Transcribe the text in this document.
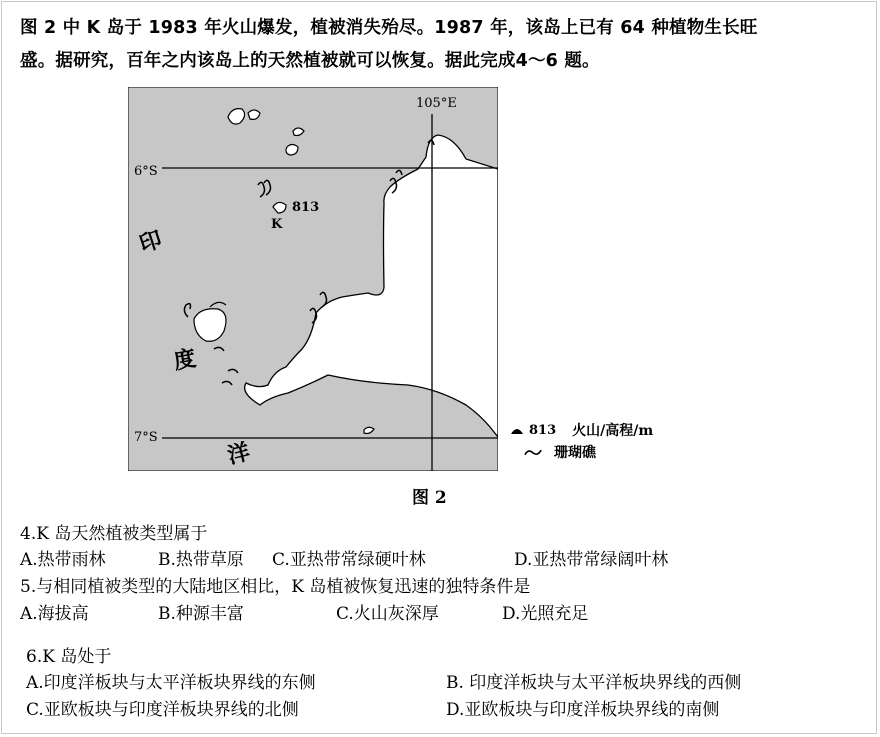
图 2 中 K 岛于 1983 年火山爆发，植被消失殆尽。1987 年，该岛上已有 64 种植物生长旺
盛。据研究，百年之内该岛上的天然植被就可以恢复。据此完成4～6 题。
105°E
6°S
7°S
813
K
印
度
洋
813 火山/高程/m
珊瑚礁
图 2
4.K 岛天然植被类型属于
A.热带雨林	B.热带草原 C.亚热带常绿硬叶林	D.亚热带常绿阔叶林
5.与相同植被类型的大陆地区相比，K 岛植被恢复迅速的独特条件是
A.海拔高	B.种源丰富	C.火山灰深厚	D.光照充足
6.K 岛处于
A.印度洋板块与太平洋板块界线的东侧	B. 印度洋板块与太平洋板块界线的西侧
C.亚欧板块与印度洋板块界线的北侧	D.亚欧板块与印度洋板块界线的南侧
